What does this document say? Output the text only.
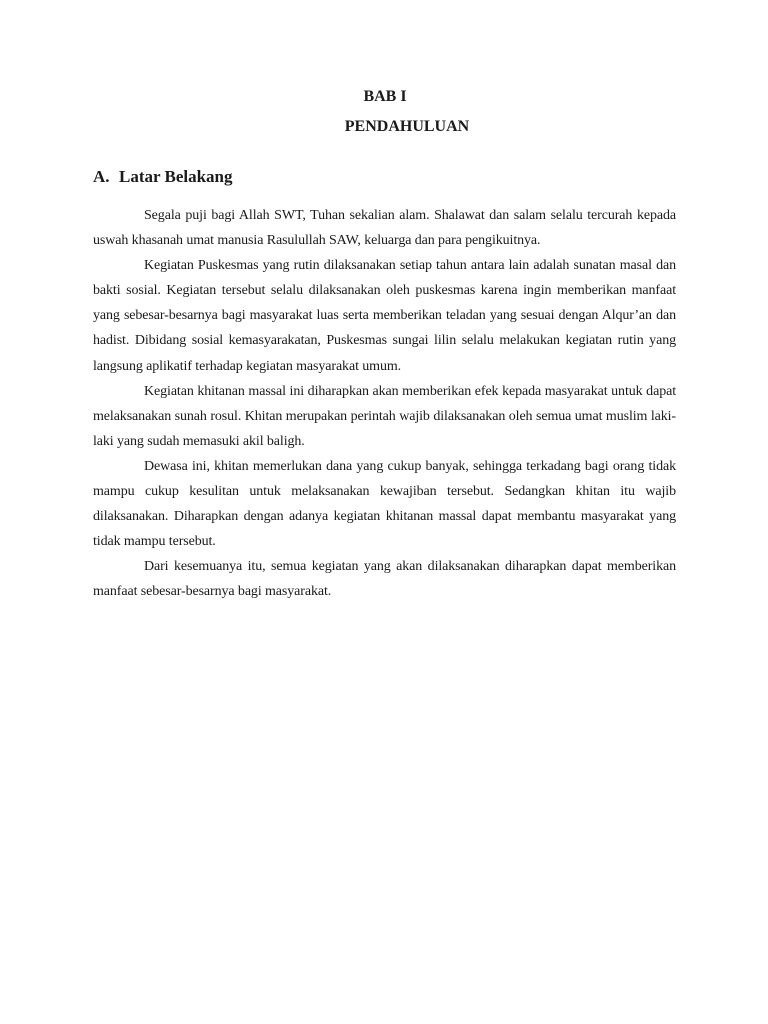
BAB I
PENDAHULUAN
A. Latar Belakang

Segala puji bagi Allah SWT, Tuhan sekalian alam. Shalawat dan salam selalu tercurah kepada uswah khasanah umat manusia Rasulullah SAW, keluarga dan para pengikuitnya.

Kegiatan Puskesmas yang rutin dilaksanakan setiap tahun antara lain adalah sunatan masal dan bakti sosial. Kegiatan tersebut selalu dilaksanakan oleh puskesmas karena ingin memberikan manfaat yang sebesar-besarnya bagi masyarakat luas serta memberikan teladan yang sesuai dengan Alqur’an dan hadist. Dibidang sosial kemasyarakatan, Puskesmas sungai lilin selalu melakukan kegiatan rutin yang langsung aplikatif terhadap kegiatan masyarakat umum.

Kegiatan khitanan massal ini diharapkan akan memberikan efek kepada masyarakat untuk dapat melaksanakan sunah rosul. Khitan merupakan perintah wajib dilaksanakan oleh semua umat muslim laki-laki yang sudah memasuki akil baligh.

Dewasa ini, khitan memerlukan dana yang cukup banyak, sehingga terkadang bagi orang tidak mampu cukup kesulitan untuk melaksanakan kewajiban tersebut. Sedangkan khitan itu wajib dilaksanakan. Diharapkan dengan adanya kegiatan khitanan massal dapat membantu masyarakat yang tidak mampu tersebut.

Dari kesemuanya itu, semua kegiatan yang akan dilaksanakan diharapkan dapat memberikan manfaat sebesar-besarnya bagi masyarakat.
